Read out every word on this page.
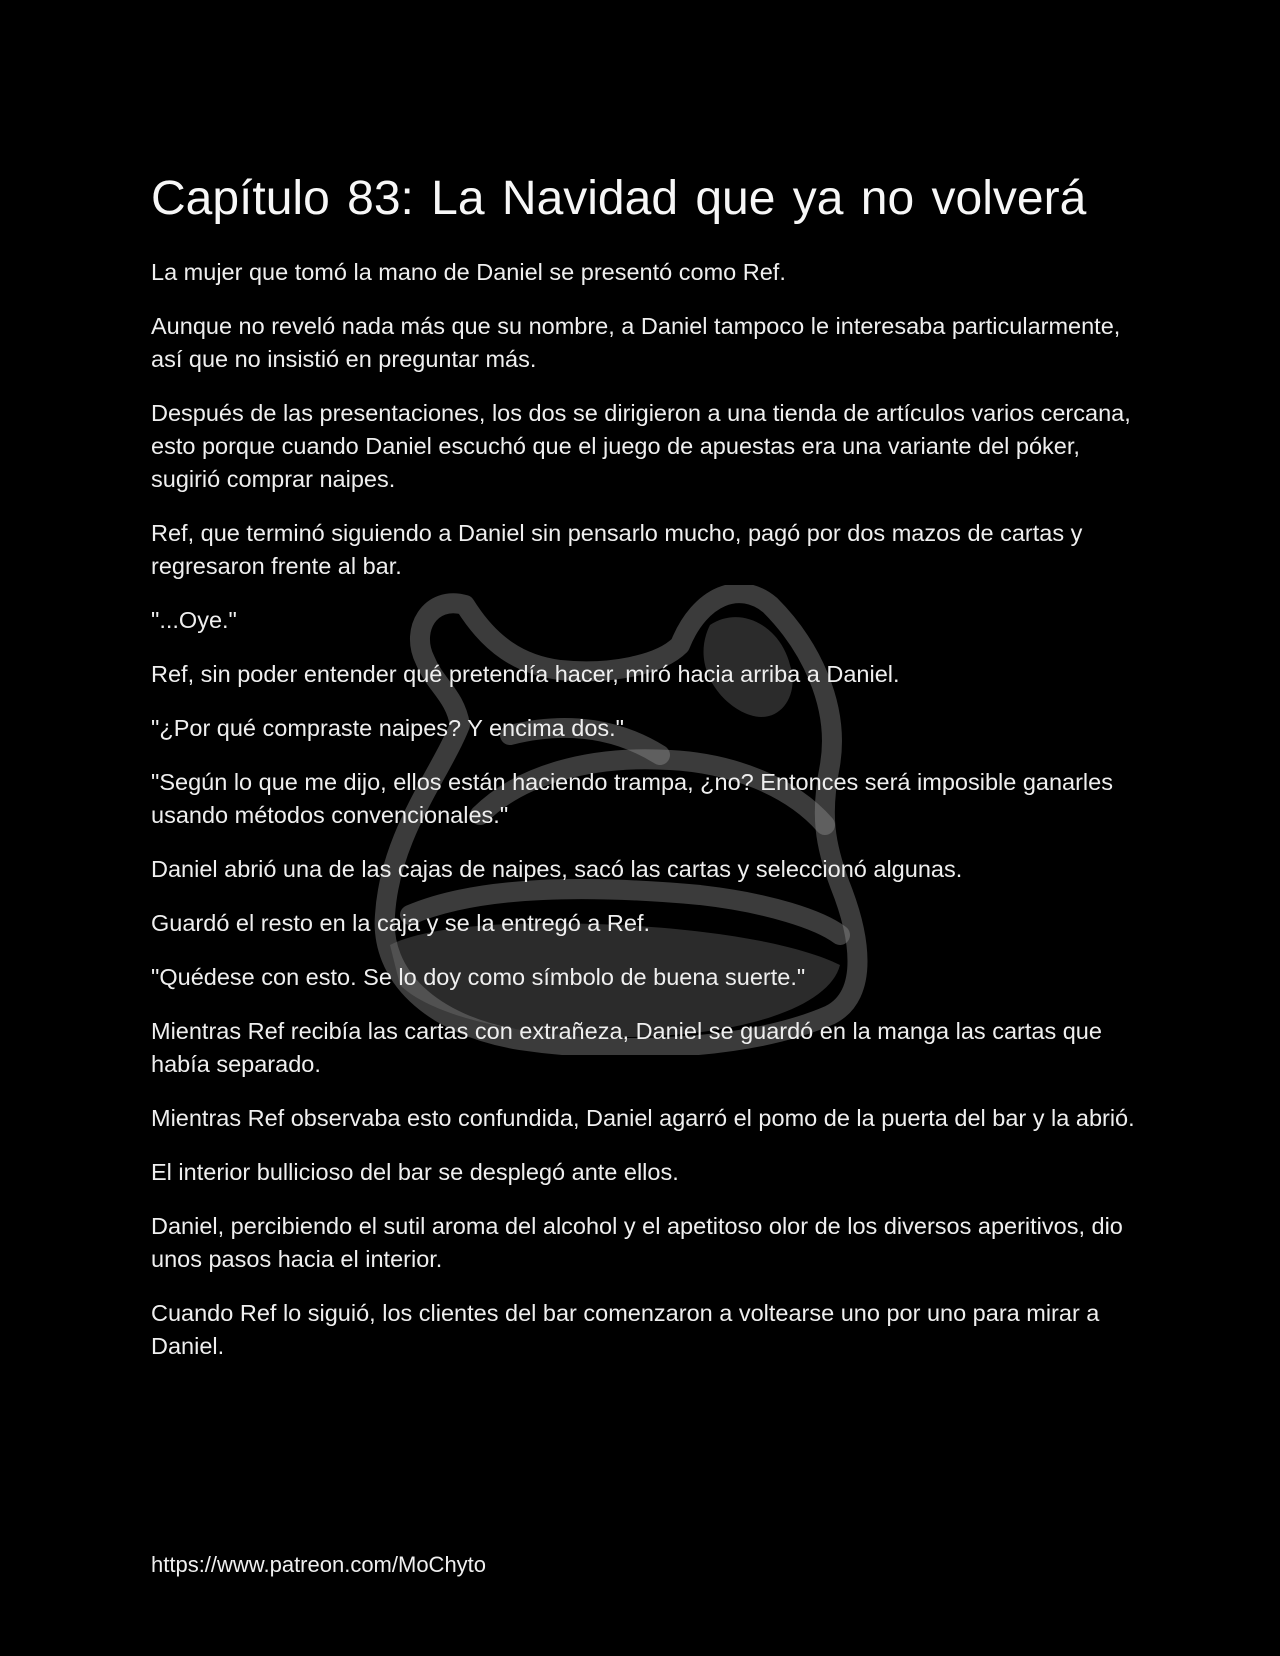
Capítulo 83: La Navidad que ya no volverá

La mujer que tomó la mano de Daniel se presentó como Ref.

Aunque no reveló nada más que su nombre, a Daniel tampoco le interesaba particularmente, así que no insistió en preguntar más.

Después de las presentaciones, los dos se dirigieron a una tienda de artículos varios cercana, esto porque cuando Daniel escuchó que el juego de apuestas era una variante del póker, sugirió comprar naipes.

Ref, que terminó siguiendo a Daniel sin pensarlo mucho, pagó por dos mazos de cartas y regresaron frente al bar.

"...Oye."

Ref, sin poder entender qué pretendía hacer, miró hacia arriba a Daniel.

"¿Por qué compraste naipes? Y encima dos."

"Según lo que me dijo, ellos están haciendo trampa, ¿no? Entonces será imposible ganarles usando métodos convencionales."

Daniel abrió una de las cajas de naipes, sacó las cartas y seleccionó algunas.

Guardó el resto en la caja y se la entregó a Ref.

"Quédese con esto. Se lo doy como símbolo de buena suerte."

Mientras Ref recibía las cartas con extrañeza, Daniel se guardó en la manga las cartas que había separado.

Mientras Ref observaba esto confundida, Daniel agarró el pomo de la puerta del bar y la abrió.

El interior bullicioso del bar se desplegó ante ellos.

Daniel, percibiendo el sutil aroma del alcohol y el apetitoso olor de los diversos aperitivos, dio unos pasos hacia el interior.

Cuando Ref lo siguió, los clientes del bar comenzaron a voltearse uno por uno para mirar a Daniel.

https://www.patreon.com/MoChyto
